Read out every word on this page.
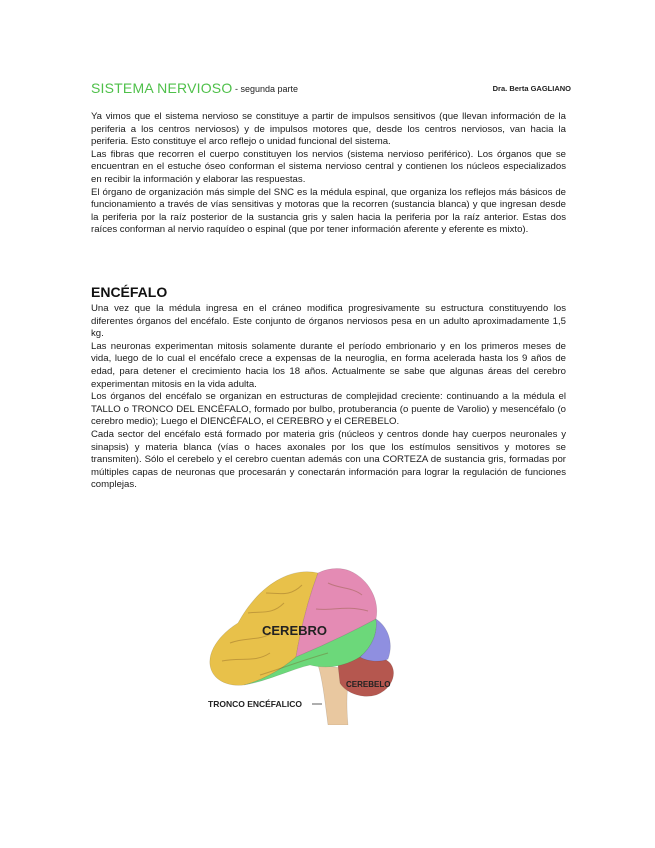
SISTEMA NERVIOSO - segunda parte	Dra. Berta GAGLIANO

Ya vimos que el sistema nervioso se constituye a partir de impulsos sensitivos (que llevan información de la periferia a los centros nerviosos) y de impulsos motores que, desde los centros nerviosos, van hacia la periferia. Esto constituye el arco reflejo o unidad funcional del sistema.

Las fibras que recorren el cuerpo constituyen los nervios (sistema nervioso periférico). Los órganos que se encuentran en el estuche óseo conforman el sistema nervioso central y contienen los núcleos especializados en recibir la información y elaborar las respuestas.

El órgano de organización más simple del SNC es la médula espinal, que organiza los reflejos más básicos de funcionamiento a través de vías sensitivas y motoras que la recorren (sustancia blanca) y que ingresan desde la periferia por la raíz posterior de la sustancia gris y salen hacia la periferia por la raíz anterior. Estas dos raíces conforman al nervio raquídeo o espinal (que por tener información aferente y eferente es mixto).

ENCÉFALO

Una vez que la médula ingresa en el cráneo modifica progresivamente su estructura constituyendo los diferentes órganos del encéfalo. Este conjunto de órganos nerviosos pesa en un adulto aproximadamente 1,5 kg.

Las neuronas experimentan mitosis solamente durante el período embrionario y en los primeros meses de vida, luego de lo cual el encéfalo crece a expensas de la neuroglia, en forma acelerada hasta los 9 años de edad, para detener el crecimiento hacia los 18 años. Actualmente se sabe que algunas áreas del cerebro experimentan mitosis en la vida adulta.

Los órganos del encéfalo se organizan en estructuras de complejidad creciente: continuando a la médula el TALLO o TRONCO DEL ENCÉFALO, formado por bulbo, protuberancia (o puente de Varolio) y mesencéfalo (o cerebro medio); Luego el DIENCÉFALO, el CEREBRO y el CEREBELO.

Cada sector del encéfalo está formado por materia gris (núcleos y centros donde hay cuerpos neuronales y sinapsis) y materia blanca (vías o haces axonales por los que los estímulos sensitivos y motores se transmiten). Sólo el cerebelo y el cerebro cuentan además con una CORTEZA de sustancia gris, formadas por múltiples capas de neuronas que procesarán y conectarán información para lograr la regulación de funciones complejas.

CEREBRO
CEREBELO
TRONCO ENCÉFALICO
